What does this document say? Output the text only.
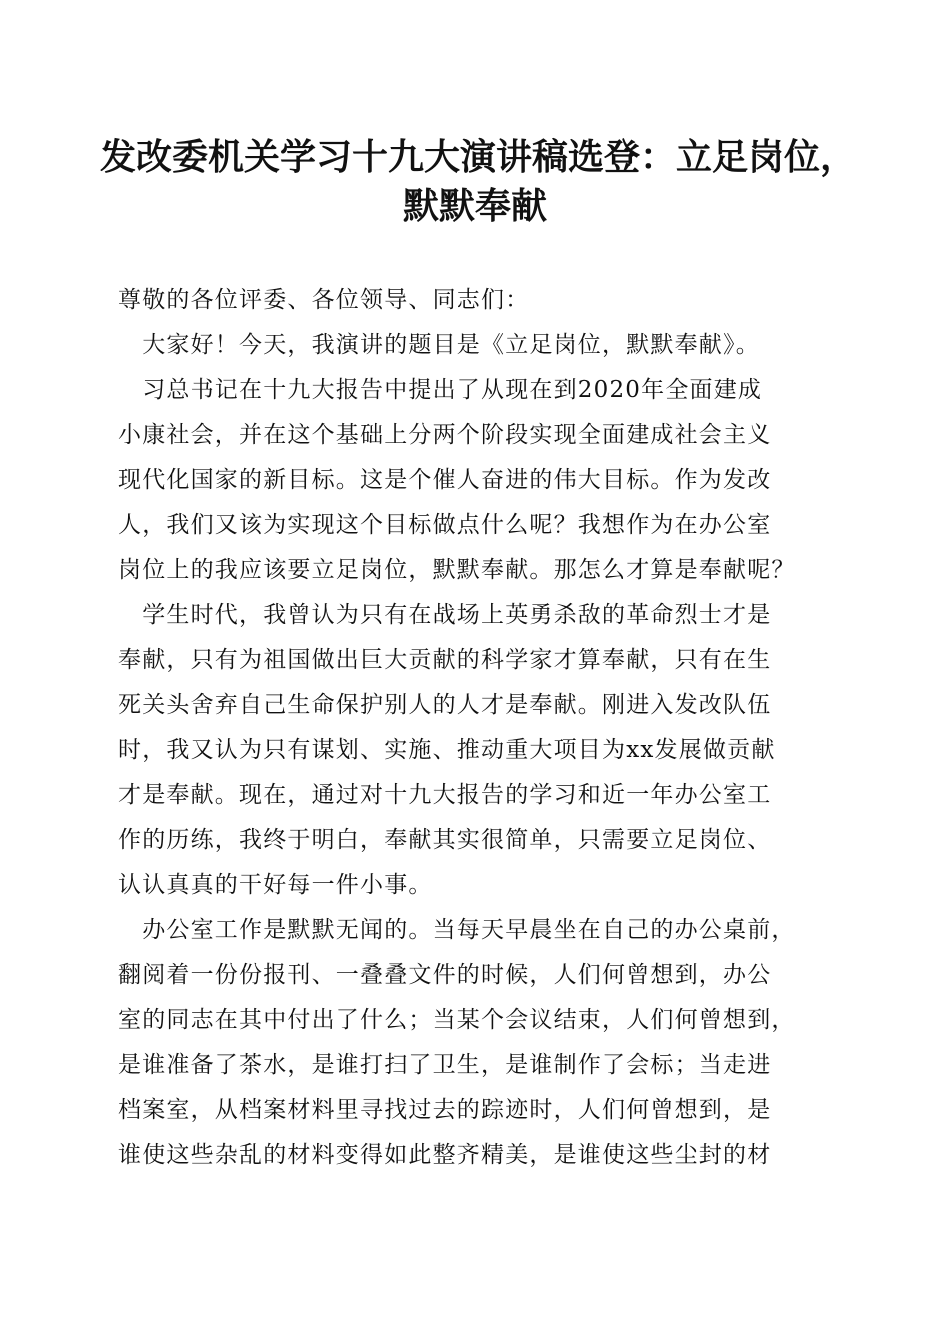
发改委机关学习十九大演讲稿选登：立足岗位，
默默奉献
尊敬的各位评委、各位领导、同志们：
　大家好！今天，我演讲的题目是《立足岗位，默默奉献》。
　习总书记在十九大报告中提出了从现在到2020年全面建成
小康社会，并在这个基础上分两个阶段实现全面建成社会主义
现代化国家的新目标。这是个催人奋进的伟大目标。作为发改
人，我们又该为实现这个目标做点什么呢？我想作为在办公室
岗位上的我应该要立足岗位，默默奉献。那怎么才算是奉献呢？
　学生时代，我曾认为只有在战场上英勇杀敌的革命烈士才是
奉献，只有为祖国做出巨大贡献的科学家才算奉献，只有在生
死关头舍弃自己生命保护别人的人才是奉献。刚进入发改队伍
时，我又认为只有谋划、实施、推动重大项目为xx发展做贡献
才是奉献。现在，通过对十九大报告的学习和近一年办公室工
作的历练，我终于明白，奉献其实很简单，只需要立足岗位、
认认真真的干好每一件小事。
　办公室工作是默默无闻的。当每天早晨坐在自己的办公桌前，
翻阅着一份份报刊、一叠叠文件的时候，人们何曾想到，办公
室的同志在其中付出了什么；当某个会议结束，人们何曾想到，
是谁准备了茶水，是谁打扫了卫生，是谁制作了会标；当走进
档案室，从档案材料里寻找过去的踪迹时，人们何曾想到，是
谁使这些杂乱的材料变得如此整齐精美，是谁使这些尘封的材
